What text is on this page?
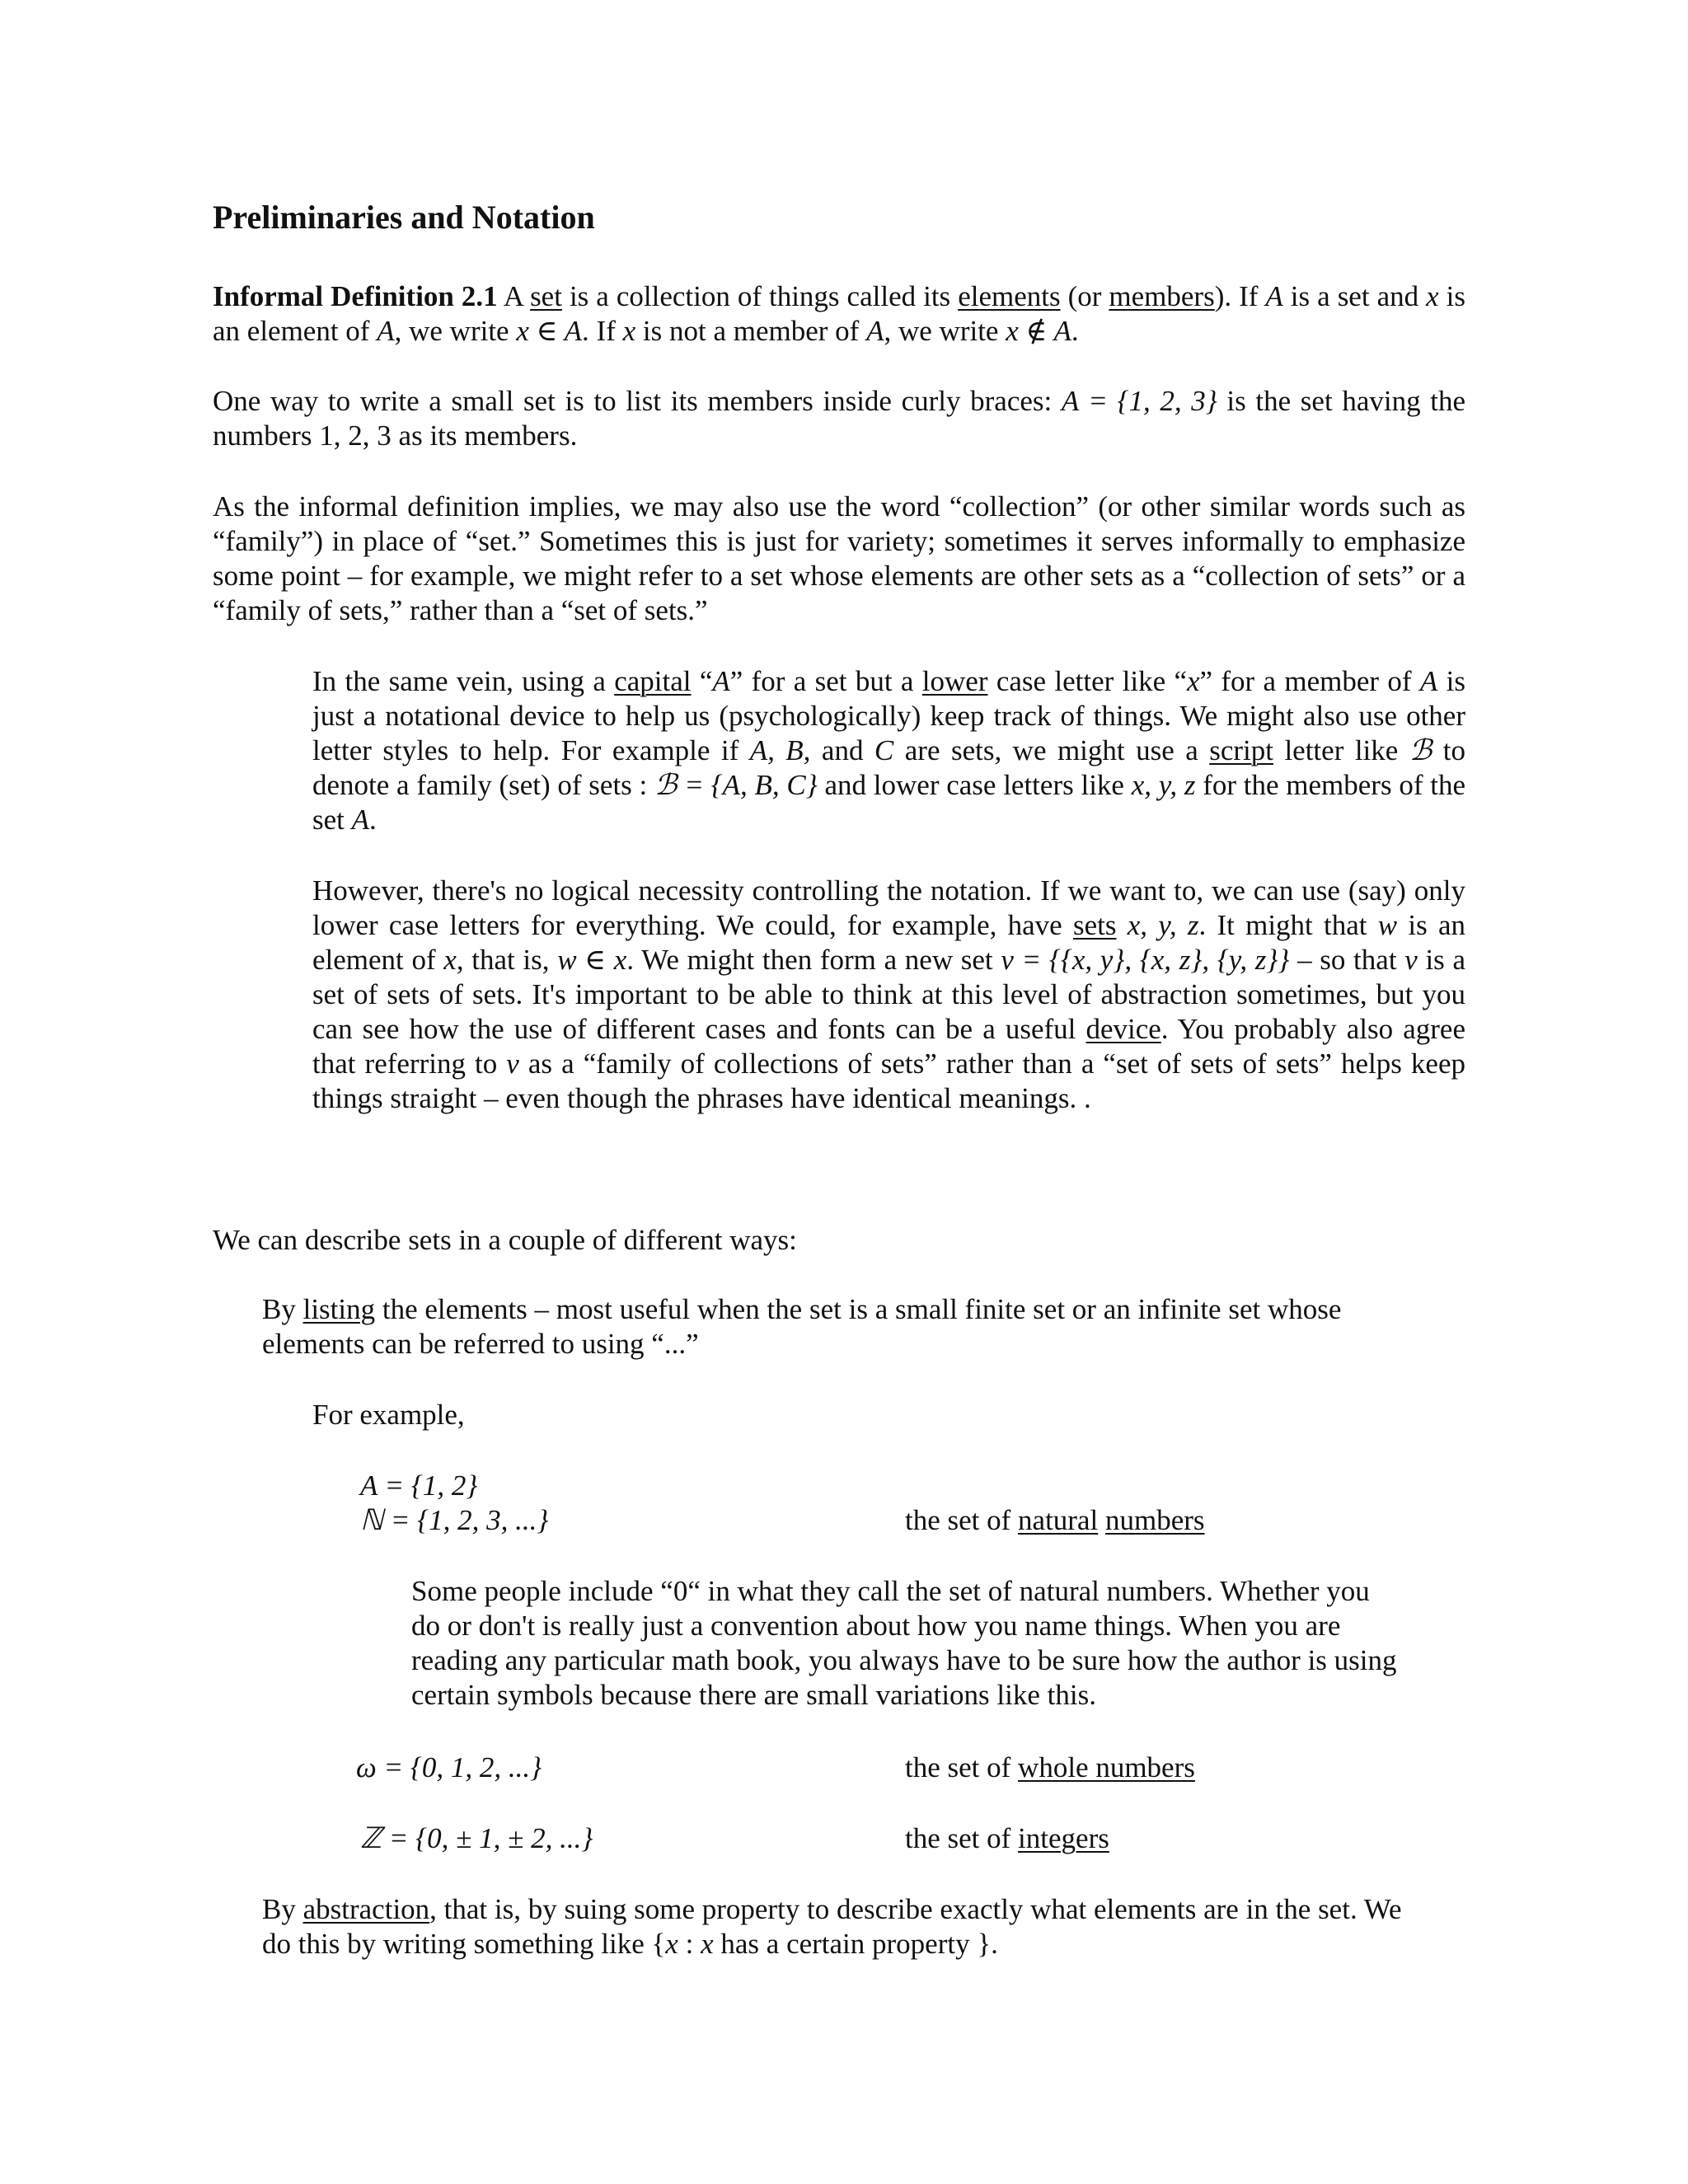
Preliminaries and Notation

Informal Definition 2.1 A set is a collection of things called its elements (or members). If A is a set and x is an element of A, we write x ∈ A. If x is not a member of A, we write x ∉ A.

One way to write a small set is to list its members inside curly braces: A = {1, 2, 3} is the set having the numbers 1, 2, 3 as its members.

As the informal definition implies, we may also use the word “collection” (or other similar words such as “family”) in place of “set.” Sometimes this is just for variety; sometimes it serves informally to emphasize some point – for example, we might refer to a set whose elements are other sets as a “collection of sets” or a “family of sets,” rather than a “set of sets.”

In the same vein, using a capital “A” for a set but a lower case letter like “x” for a member of A is just a notational device to help us (psychologically) keep track of things. We might also use other letter styles to help. For example if A, B, and C are sets, we might use a script letter like ℬ to denote a family (set) of sets : ℬ = {A, B, C} and lower case letters like x, y, z for the members of the set A.

However, there's no logical necessity controlling the notation. If we want to, we can use (say) only lower case letters for everything. We could, for example, have sets x, y, z. It might that w is an element of x, that is, w ∈ x. We might then form a new set v = {{x, y}, {x, z}, {y, z}} – so that v is a set of sets of sets. It's important to be able to think at this level of abstraction sometimes, but you can see how the use of different cases and fonts can be a useful device. You probably also agree that referring to v as a “family of collections of sets” rather than a “set of sets of sets” helps keep things straight – even though the phrases have identical meanings. .

We can describe sets in a couple of different ways:

By listing the elements – most useful when the set is a small finite set or an infinite set whose elements can be referred to using “...”

For example,

A = {1, 2}
ℕ = {1, 2, 3, ...}	the set of natural numbers

Some people include “0“ in what they call the set of natural numbers. Whether you do or don't is really just a convention about how you name things. When you are reading any particular math book, you always have to be sure how the author is using certain symbols because there are small variations like this.

ω = {0, 1, 2, ...}	the set of whole numbers
ℤ = {0, ± 1, ± 2, ...}	the set of integers

By abstraction, that is, by suing some property to describe exactly what elements are in the set. We do this by writing something like {x : x has a certain property }.
